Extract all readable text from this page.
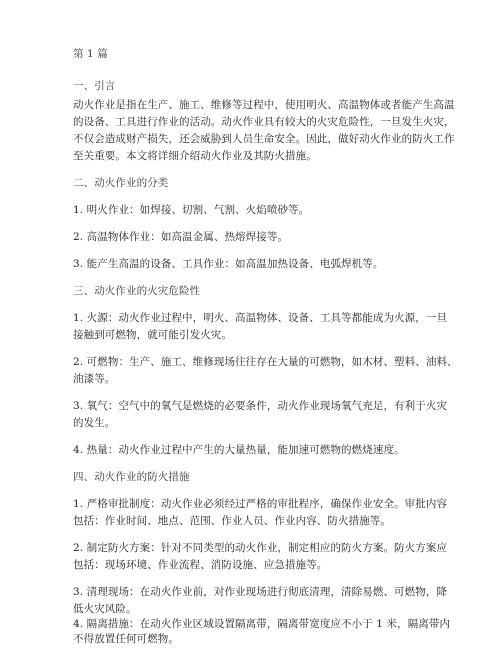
第 1 篇
一、引言
动火作业是指在生产、施工、维修等过程中，使用明火、高温物体或者能产生高温
的设备、工具进行作业的活动。动火作业具有较大的火灾危险性，一旦发生火灾，
不仅会造成财产损失，还会威胁到人员生命安全。因此，做好动火作业的防火工作
至关重要。本文将详细介绍动火作业及其防火措施。
二、动火作业的分类
1. 明火作业：如焊接、切割、气割、火焰喷砂等。
2. 高温物体作业：如高温金属、热熔焊接等。
3. 能产生高温的设备、工具作业：如高温加热设备、电弧焊机等。
三、动火作业的火灾危险性
1. 火源：动火作业过程中，明火、高温物体、设备、工具等都能成为火源，一旦
接触到可燃物，就可能引发火灾。
2. 可燃物：生产、施工、维修现场往往存在大量的可燃物，如木材、塑料、油料、
油漆等。
3. 氧气：空气中的氧气是燃烧的必要条件，动火作业现场氧气充足，有利于火灾
的发生。
4. 热量：动火作业过程中产生的大量热量，能加速可燃物的燃烧速度。
四、动火作业的防火措施
1. 严格审批制度：动火作业必须经过严格的审批程序，确保作业安全。审批内容
包括：作业时间、地点、范围、作业人员、作业内容、防火措施等。
2. 制定防火方案：针对不同类型的动火作业，制定相应的防火方案。防火方案应
包括：现场环境、作业流程、消防设施、应急措施等。
3. 清理现场：在动火作业前，对作业现场进行彻底清理，清除易燃、可燃物，降
低火灾风险。
4. 隔离措施：在动火作业区域设置隔离带，隔离带宽度应不小于 1 米，隔离带内
不得放置任何可燃物。
